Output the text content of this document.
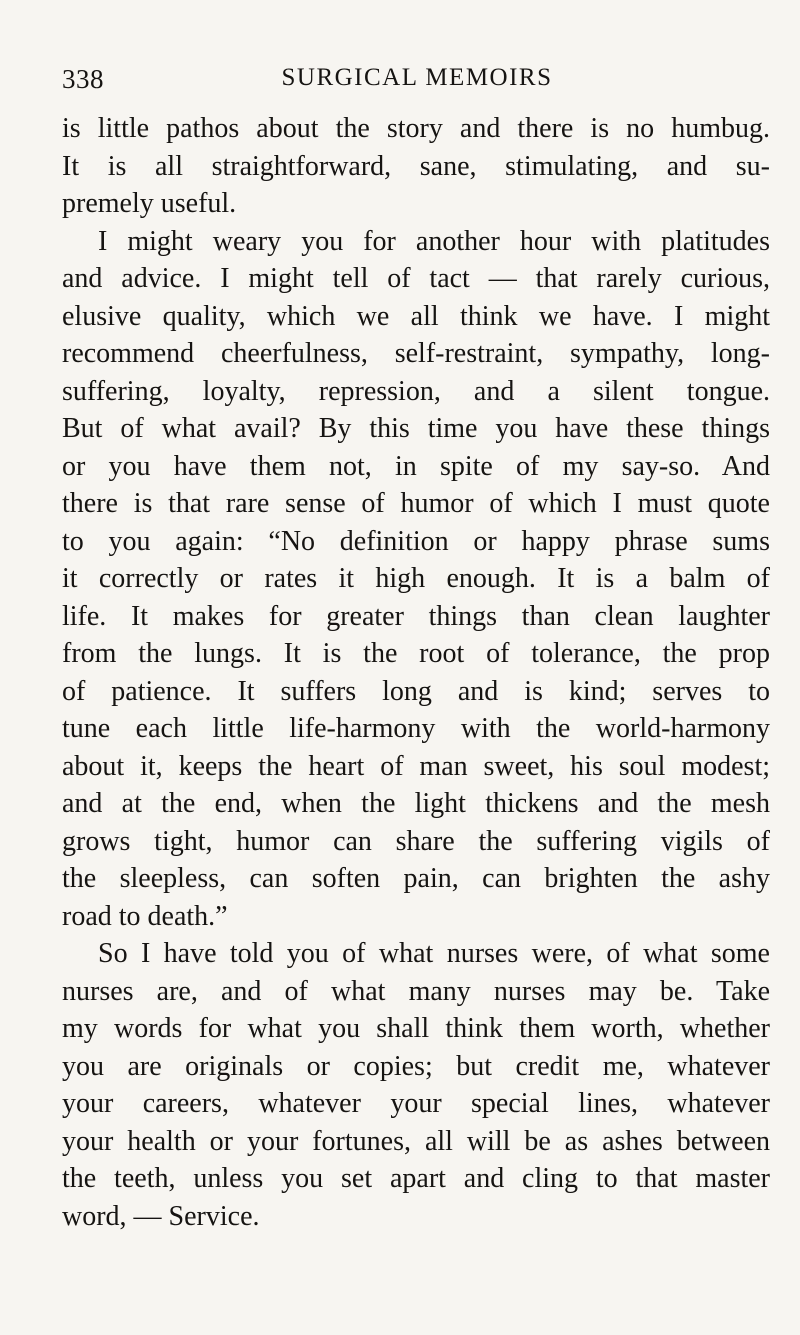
338	SURGICAL MEMOIRS
is little pathos about the story and there is no humbug.
It is all straightforward, sane, stimulating, and su-
premely useful.
I might weary you for another hour with platitudes
and advice. I might tell of tact — that rarely curious,
elusive quality, which we all think we have. I might
recommend cheerfulness, self-restraint, sympathy, long-
suffering, loyalty, repression, and a silent tongue.
But of what avail? By this time you have these things
or you have them not, in spite of my say-so. And
there is that rare sense of humor of which I must quote
to you again: “No definition or happy phrase sums
it correctly or rates it high enough. It is a balm of
life. It makes for greater things than clean laughter
from the lungs. It is the root of tolerance, the prop
of patience. It suffers long and is kind; serves to
tune each little life-harmony with the world-harmony
about it, keeps the heart of man sweet, his soul modest;
and at the end, when the light thickens and the mesh
grows tight, humor can share the suffering vigils of
the sleepless, can soften pain, can brighten the ashy
road to death.”
So I have told you of what nurses were, of what some
nurses are, and of what many nurses may be. Take
my words for what you shall think them worth, whether
you are originals or copies; but credit me, whatever
your careers, whatever your special lines, whatever
your health or your fortunes, all will be as ashes between
the teeth, unless you set apart and cling to that master
word, — Service.
